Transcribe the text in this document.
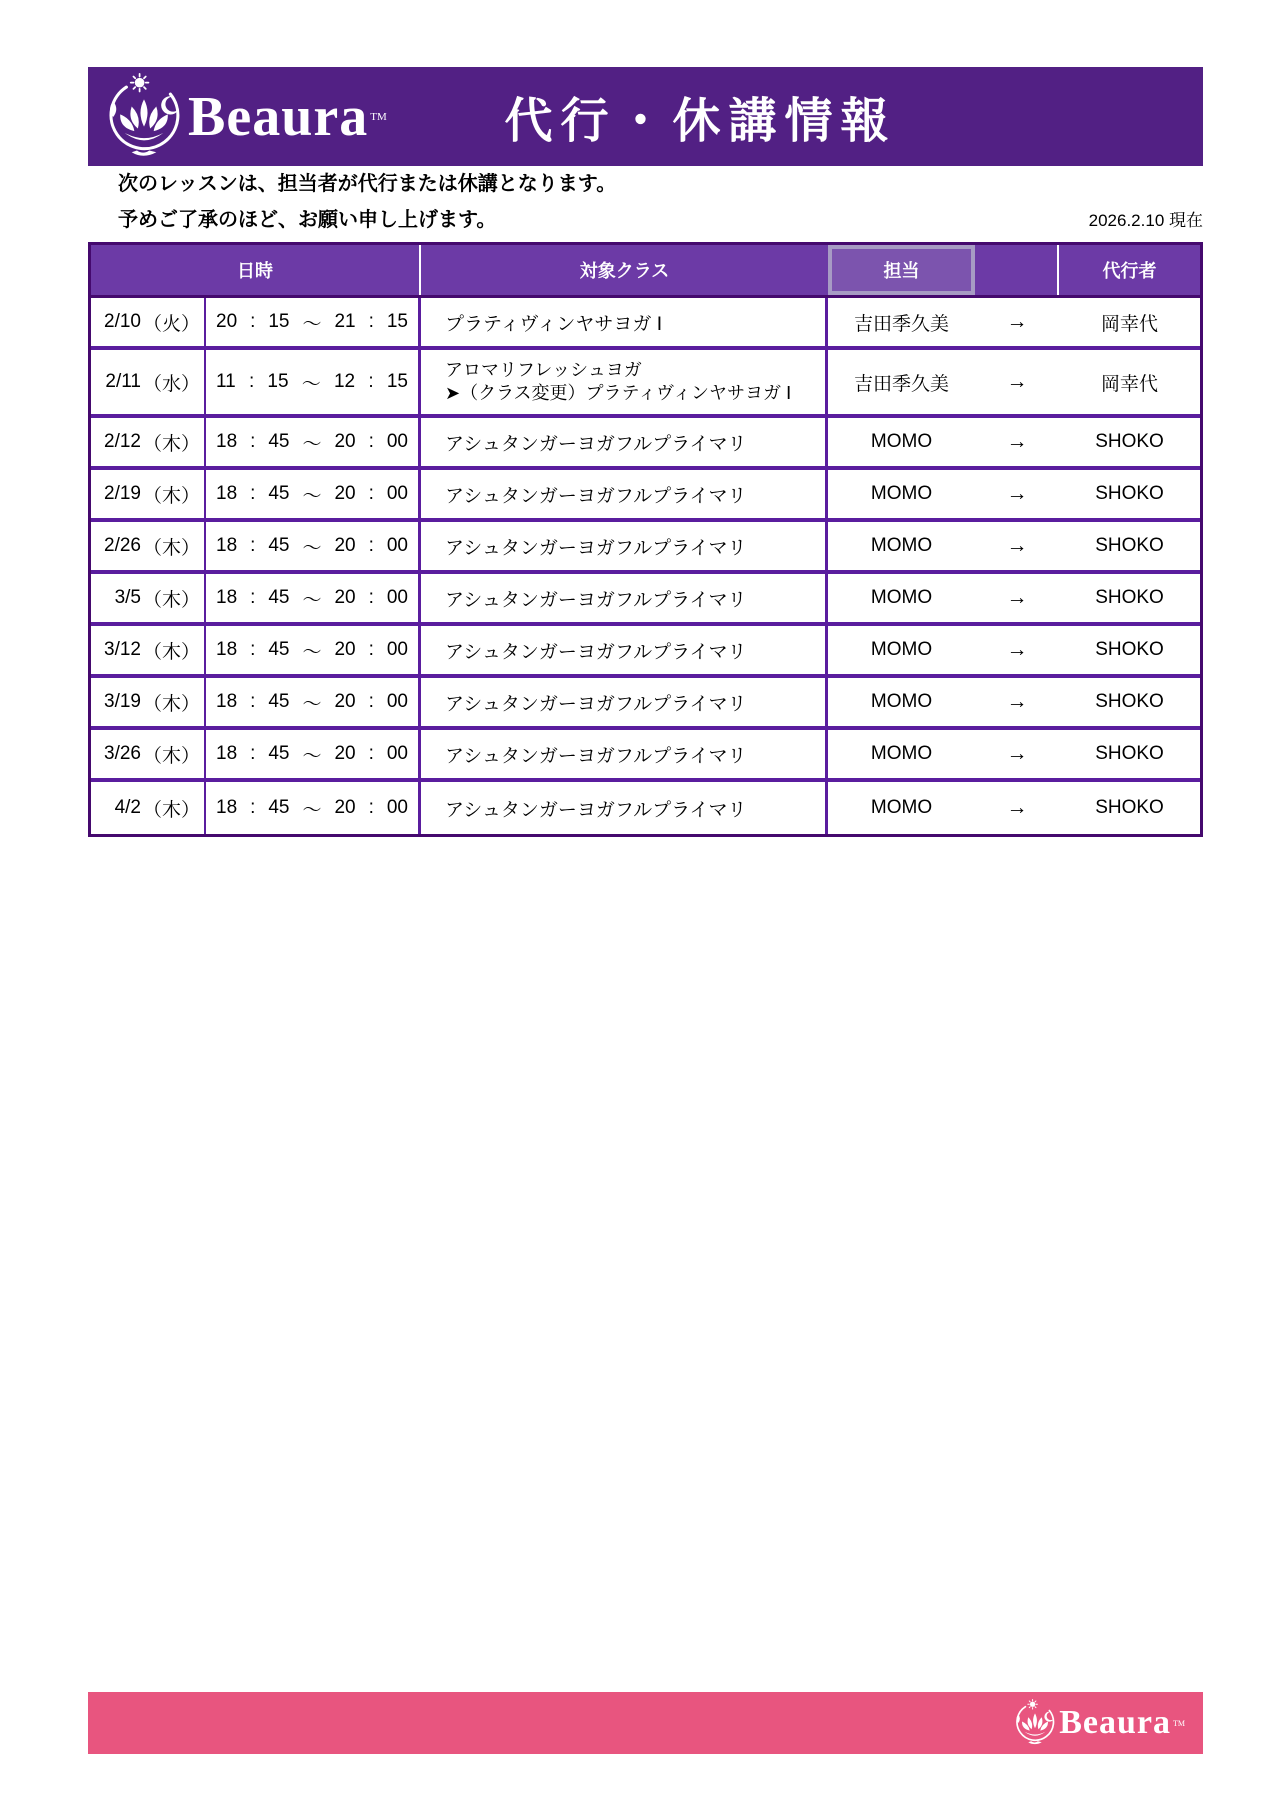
Beaura TM	代行・休講情報
次のレッスンは、担当者が代行または休講となります。
予めご了承のほど、お願い申し上げます。	2026.2.10 現在
日時	対象クラス	担当	代行者
2/10 （火） 20 : 15 ～ 21 : 15 プラティヴィンヤサヨガ Ⅰ	吉田季久美	→	岡幸代
2/11 （水） 11 : 15 ～ 12 : 15
アロマリフレッシュヨガ
➤（クラス変更）プラティヴィンヤサヨガ Ⅰ	吉田季久美	→	岡幸代
2/12 （木） 18 : 45 ～ 20 : 00 アシュタンガーヨガフルプライマリ	MOMO	→	SHOKO
2/19 （木） 18 : 45 ～ 20 : 00 アシュタンガーヨガフルプライマリ	MOMO	→	SHOKO
2/26 （木） 18 : 45 ～ 20 : 00 アシュタンガーヨガフルプライマリ	MOMO	→	SHOKO
3/5 （木） 18 : 45 ～ 20 : 00 アシュタンガーヨガフルプライマリ	MOMO	→	SHOKO
3/12 （木） 18 : 45 ～ 20 : 00 アシュタンガーヨガフルプライマリ	MOMO	→	SHOKO
3/19 （木） 18 : 45 ～ 20 : 00 アシュタンガーヨガフルプライマリ	MOMO	→	SHOKO
3/26 （木） 18 : 45 ～ 20 : 00 アシュタンガーヨガフルプライマリ	MOMO	→	SHOKO
4/2 （木） 18 : 45 ～ 20 : 00 アシュタンガーヨガフルプライマリ	MOMO	→	SHOKO
Beaura TM
